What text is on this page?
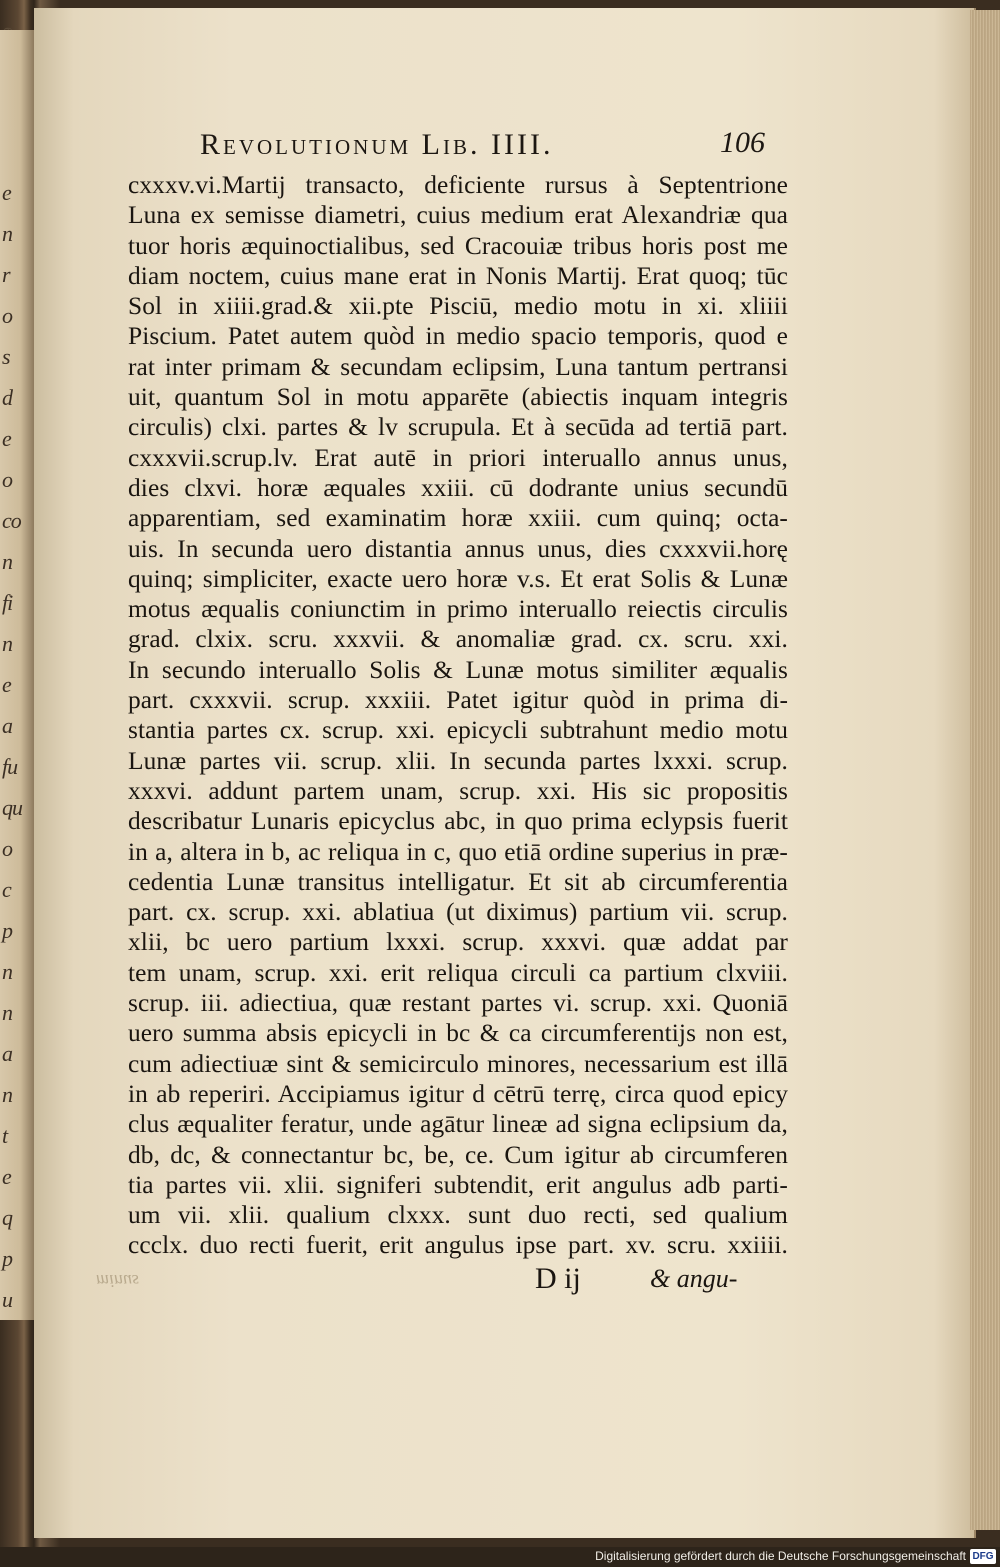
e
n
r
o
s
d
e
o
co
n
fi
n
e
a
fu
qu
o
c
p
n
n
a
n
t
e
q
p
u
Revolutionum Lib. IIII.	106
cxxxv.vi.Martij transacto, deficiente rursus à Septentrione
Luna ex semisse diametri, cuius medium erat Alexandriæ qua
tuor horis æquinoctialibus, sed Cracouiæ tribus horis post me
diam noctem, cuius mane erat in Nonis Martij. Erat quoq; tūc
Sol in xiiii.grad.& xii.pte Pisciū, medio motu in xi. xliiii
Piscium. Patet autem quòd in medio spacio temporis, quod e
rat inter primam & secundam eclipsim, Luna tantum pertransi
uit, quantum Sol in motu apparēte (abiectis inquam integris
circulis) clxi. partes & lv scrupula. Et à secūda ad tertiā part.
cxxxvii.scrup.lv. Erat autē in priori interuallo annus unus,
dies clxvi. horæ æquales xxiii. cū dodrante unius secundū
apparentiam, sed examinatim horæ xxiii. cum quinq; octa-
uis. In secunda uero distantia annus unus, dies cxxxvii.horę
quinq; simpliciter, exacte uero horæ v.s. Et erat Solis & Lunæ
motus æqualis coniunctim in primo interuallo reiectis circulis
grad. clxix. scru. xxxvii. & anomaliæ grad. cx. scru. xxi.
In secundo interuallo Solis & Lunæ motus similiter æqualis
part. cxxxvii. scrup. xxxiii. Patet igitur quòd in prima di-
stantia partes cx. scrup. xxi. epicycli subtrahunt medio motu
Lunæ partes vii. scrup. xlii. In secunda partes lxxxi. scrup.
xxxvi. addunt partem unam, scrup. xxi. His sic propositis
describatur Lunaris epicyclus abc, in quo prima eclypsis fuerit
in a, altera in b, ac reliqua in c, quo etiā ordine superius in præ-
cedentia Lunæ transitus intelligatur. Et sit ab circumferentia
part. cx. scrup. xxi. ablatiua (ut diximus) partium vii. scrup.
xlii, bc uero partium lxxxi. scrup. xxxvi. quæ addat par
tem unam, scrup. xxi. erit reliqua circuli ca partium clxviii.
scrup. iii. adiectiua, quæ restant partes vi. scrup. xxi. Quoniā
uero summa absis epicycli in bc & ca circumferentijs non est,
cum adiectiuæ sint & semicirculo minores, necessarium est illā
in ab reperiri. Accipiamus igitur d cētrū terrę, circa quod epicy
clus æqualiter feratur, unde agātur lineæ ad signa eclipsium da,
db, dc, & connectantur bc, be, ce. Cum igitur ab circumferen
tia partes vii. xlii. signiferi subtendit, erit angulus adb parti-
um vii. xlii. qualium clxxx. sunt duo recti, sed qualium
ccclx. duo recti fuerit, erit angulus ipse part. xv. scru. xxiiii.
minus	D ij	& angu-
Digitalisierung gefördert durch die Deutsche Forschungsgemeinschaft DFG
